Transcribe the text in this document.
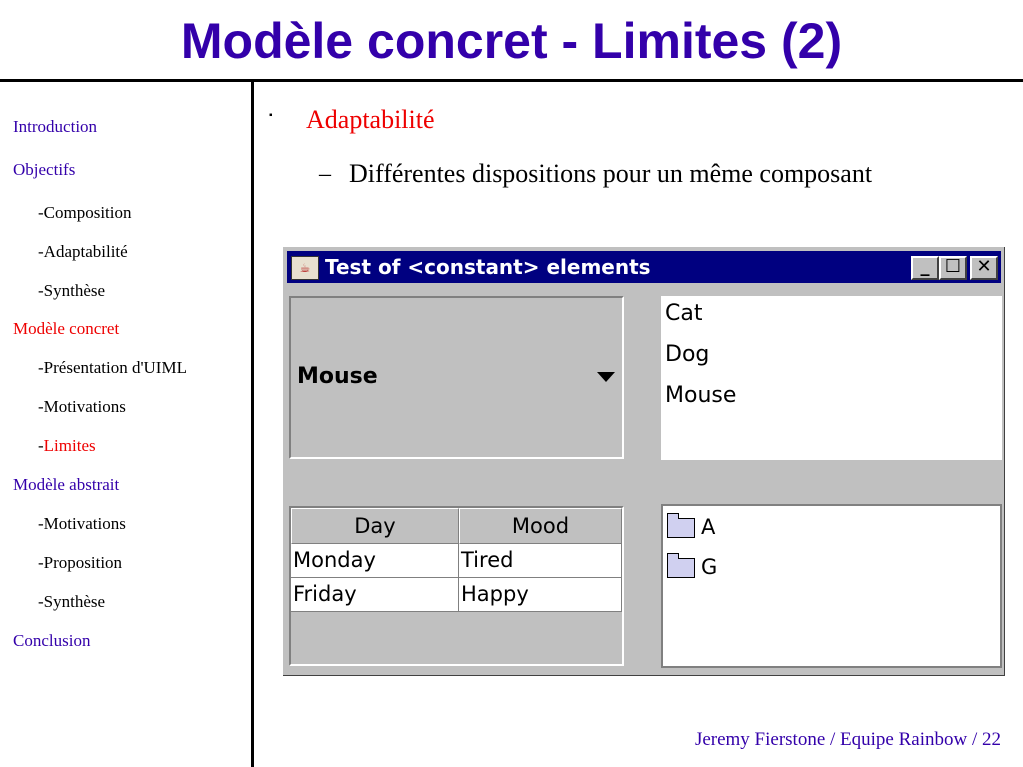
Modèle concret - Limites (2)
Introduction
Objectifs
-Composition
-Adaptabilité
-Synthèse
Modèle concret
-Présentation d'UIML
-Motivations
-Limites
Modèle abstrait
-Motivations
-Proposition
-Synthèse
Conclusion
▪ Adaptabilité
– Différentes dispositions pour un même composant
☕ Test of <constant> elements	_ ☐ ✕
Mouse
Cat
Dog
Mouse
Day	Mood
Monday	Tired
Friday	Happy
A
G
Jeremy Fierstone / Equipe Rainbow / 22
